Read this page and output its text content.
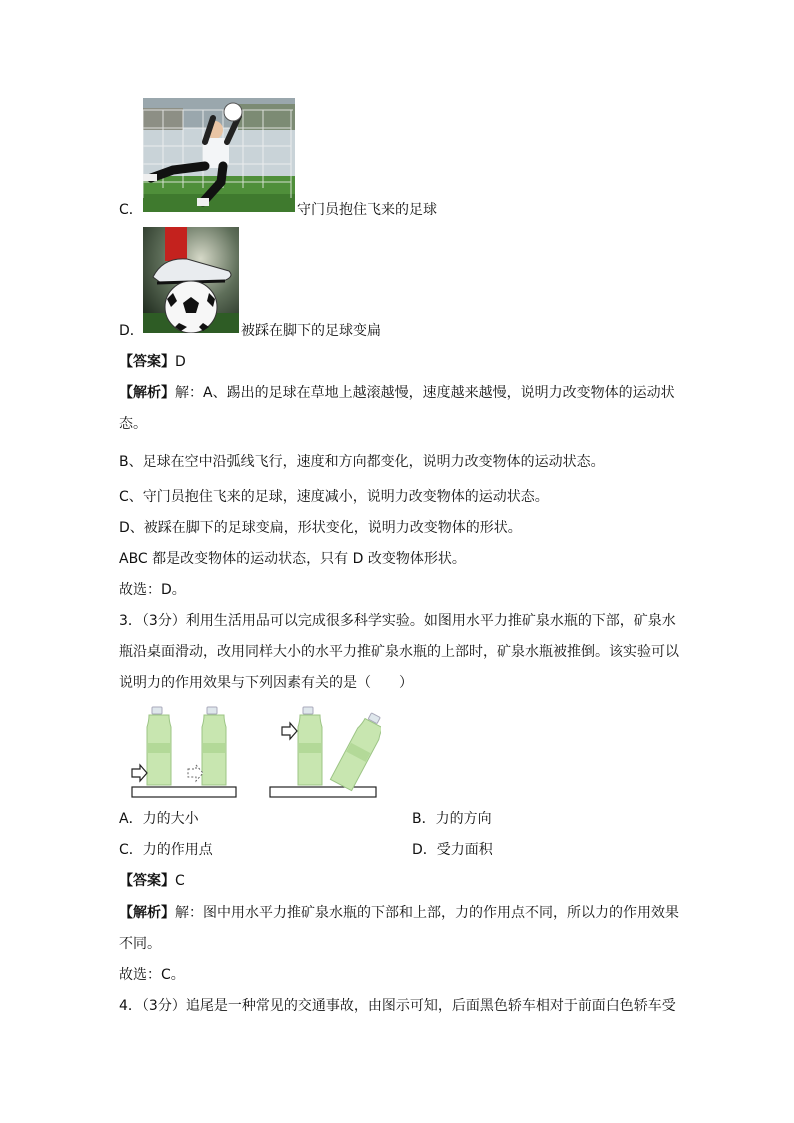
C．	守门员抱住飞来的足球
D．	被踩在脚下的足球变扁
【答案】D
【解析】解：A、踢出的足球在草地上越滚越慢，速度越来越慢，说明力改变物体的运动状
态。
B、足球在空中沿弧线飞行，速度和方向都变化，说明力改变物体的运动状态。
C、守门员抱住飞来的足球，速度减小，说明力改变物体的运动状态。
D、被踩在脚下的足球变扁，形状变化，说明力改变物体的形状。
ABC 都是改变物体的运动状态，只有 D 改变物体形状。
故选：D。
3．（3分）利用生活用品可以完成很多科学实验。如图用水平力推矿泉水瓶的下部，矿泉水
瓶沿桌面滑动，改用同样大小的水平力推矿泉水瓶的上部时，矿泉水瓶被推倒。该实验可以
说明力的作用效果与下列因素有关的是（　　）
A．力的大小	B．力的方向
C．力的作用点	D．受力面积
【答案】C
【解析】解：图中用水平力推矿泉水瓶的下部和上部，力的作用点不同，所以力的作用效果
不同。
故选：C。
4．（3分）追尾是一种常见的交通事故，由图示可知，后面黑色轿车相对于前面白色轿车受
